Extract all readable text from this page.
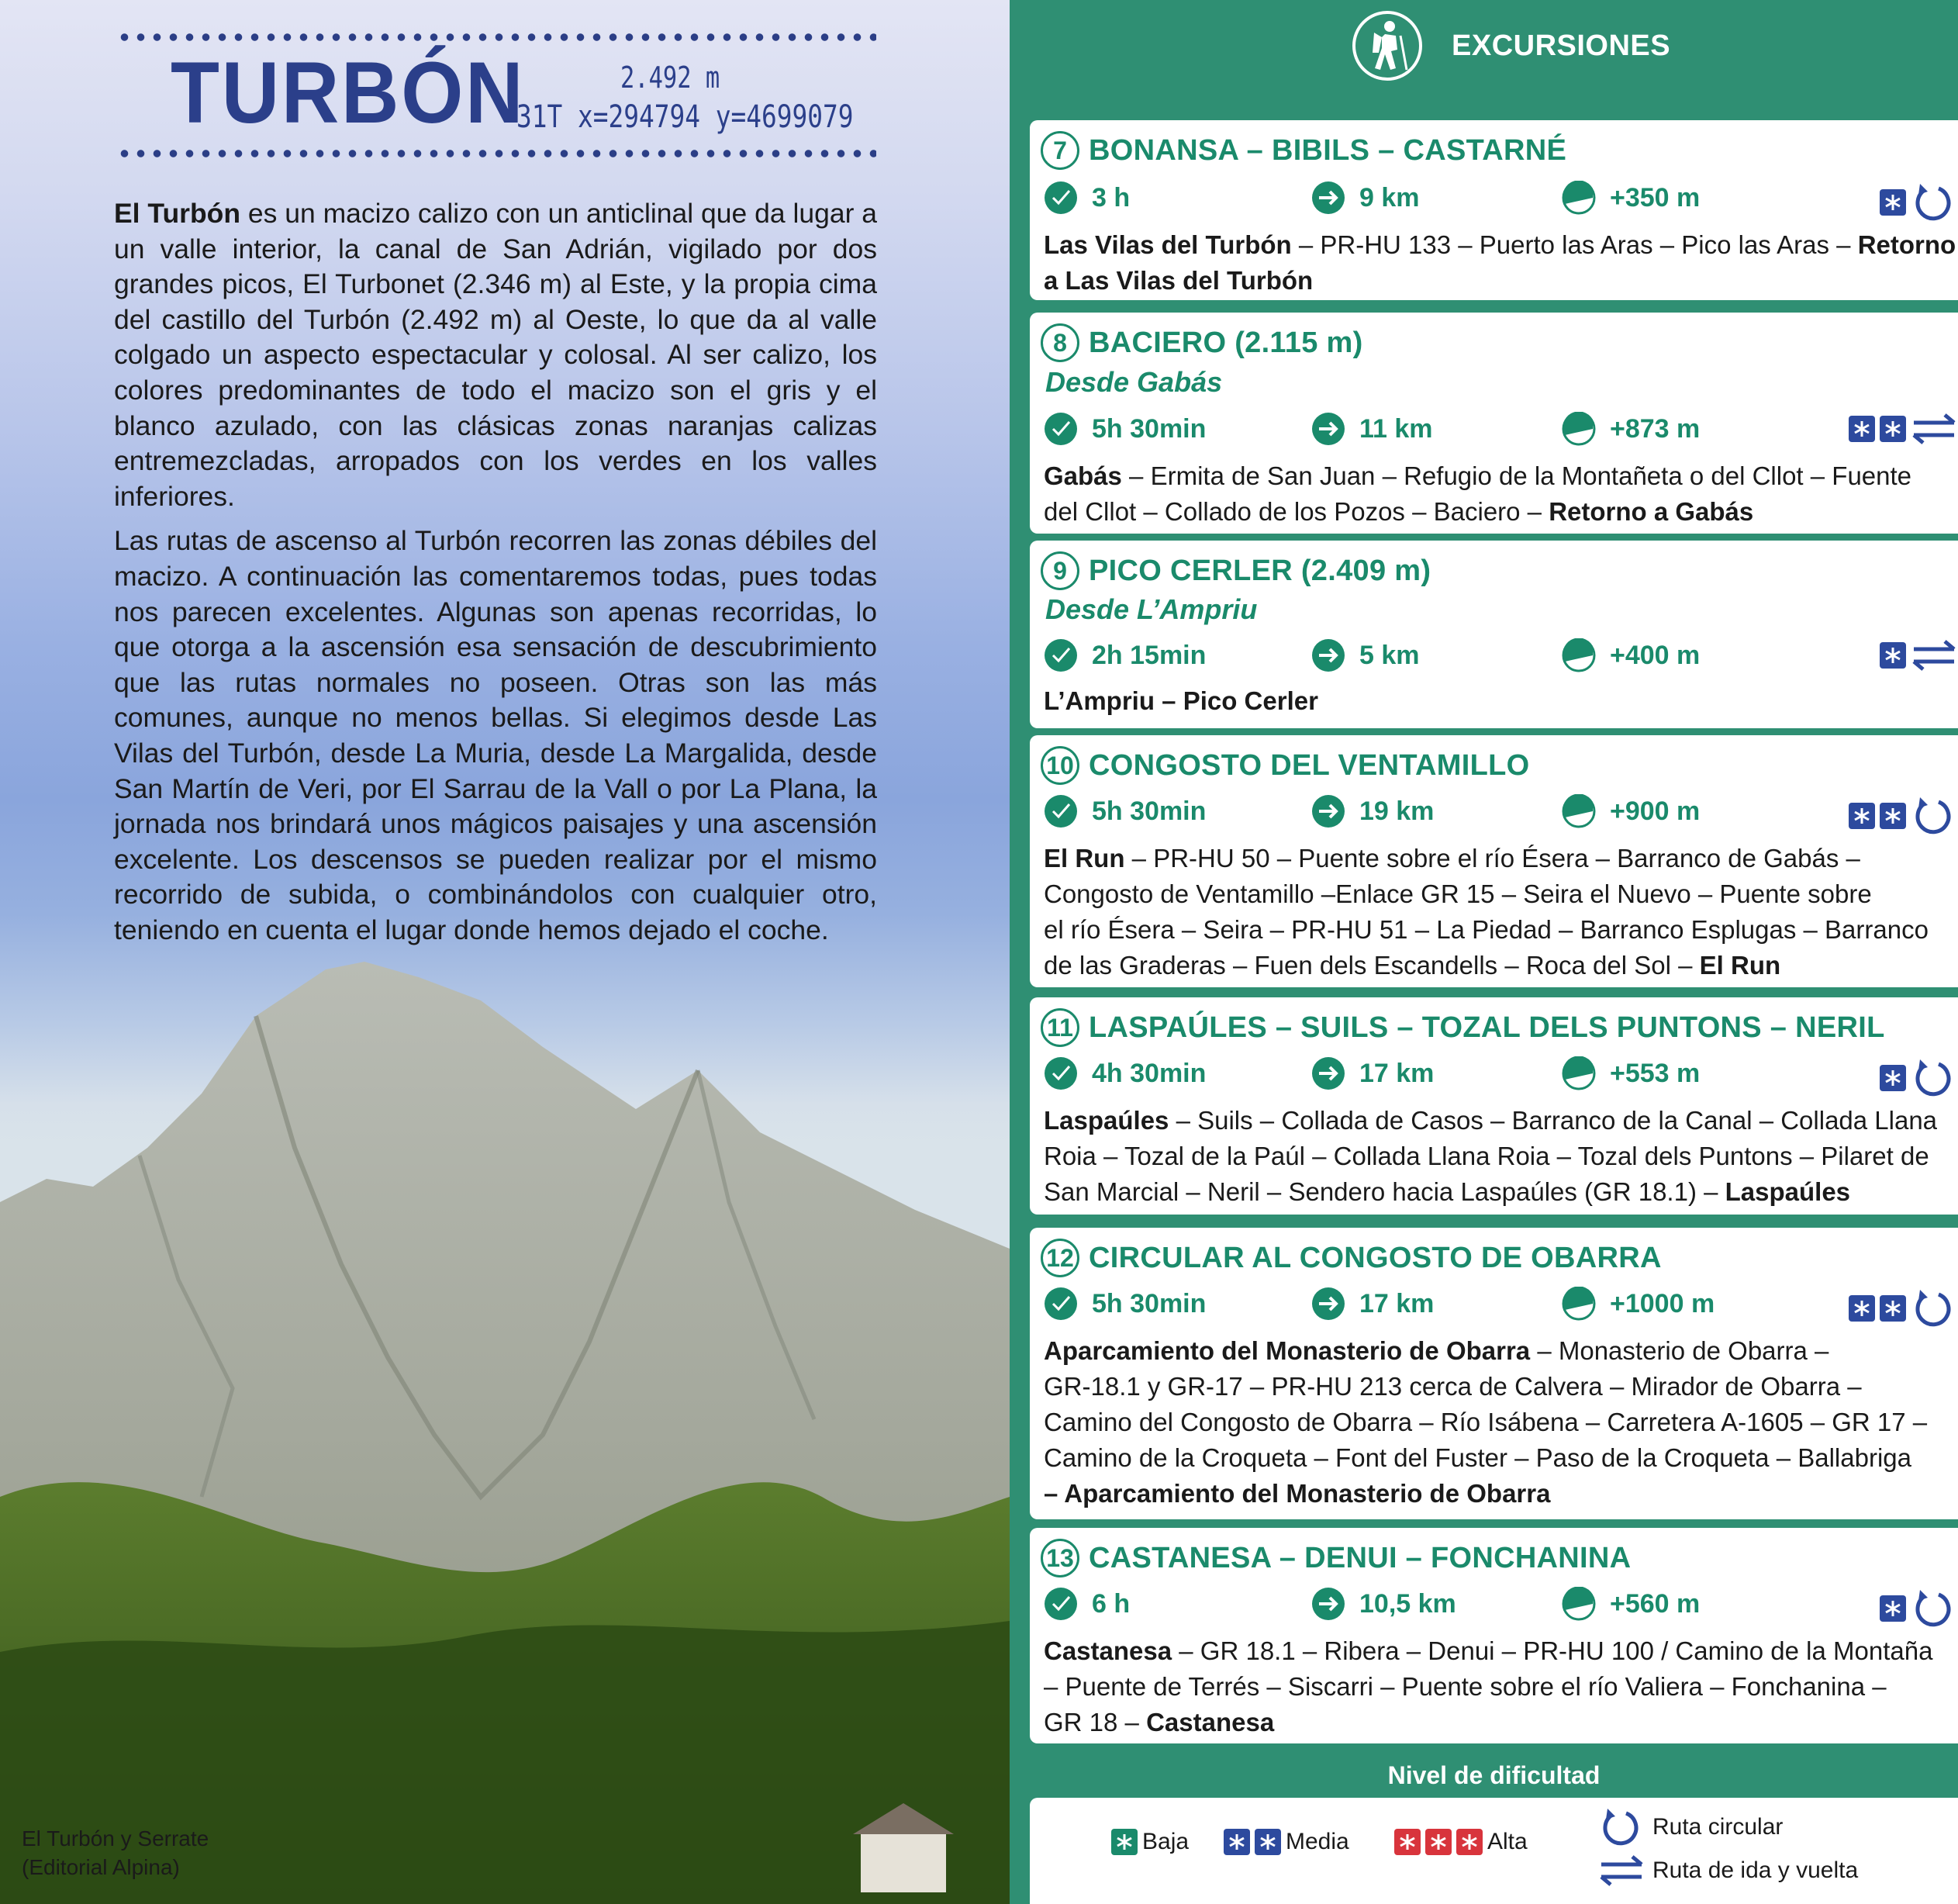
TURBÓN	2.492 m
31T x=294794 y=4699079

El Turbón es un macizo calizo con un anticlinal que da lugar a un valle interior, la canal de San Adrián, vigilado por dos grandes picos, El Turbonet (2.346 m) al Este, y la propia cima del castillo del Turbón (2.492 m) al Oeste, lo que da al valle colgado un aspecto espectacular y colosal. Al ser calizo, los colores predominantes de todo el macizo son el gris y el blanco azulado, con las clásicas zonas naranjas calizas entremezcladas, arropados con los verdes en los valles inferiores.

Las rutas de ascenso al Turbón recorren las zonas débiles del macizo. A continuación las comentaremos todas, pues todas nos parecen excelentes. Algunas son apenas recorridas, lo que otorga a la ascensión esa sensación de descubrimiento que las rutas normales no poseen. Otras son las más comunes, aunque no menos bellas. Si elegimos desde Las Vilas del Turbón, desde La Muria, desde La Margalida, desde San Martín de Veri, por El Sarrau de la Vall o por La Plana, la jornada nos brindará unos mágicos paisajes y una ascensión excelente. Los descensos se pueden realizar por el mismo recorrido de subida, o combinándolos con cualquier otro, teniendo en cuenta el lugar donde hemos dejado el coche.

El Turbón y Serrate
(Editorial Alpina)
EXCURSIONES
7 BONANSA – BIBILS – CASTARNÉ
3 h	9 km	+350 m
Las Vilas del Turbón – PR-HU 133 – Puerto las Aras – Pico las Aras – Retorno
a Las Vilas del Turbón
8 BACIERO (2.115 m)
Desde Gabás
5h 30min	11 km	+873 m
Gabás – Ermita de San Juan – Refugio de la Montañeta o del Cllot – Fuente
del Cllot – Collado de los Pozos – Baciero – Retorno a Gabás
9 PICO CERLER (2.409 m)
Desde L’Ampriu
2h 15min	5 km	+400 m
L’Ampriu – Pico Cerler
10 CONGOSTO DEL VENTAMILLO
5h 30min	19 km	+900 m
El Run – PR-HU 50 – Puente sobre el río Ésera – Barranco de Gabás –
Congosto de Ventamillo –Enlace GR 15 – Seira el Nuevo – Puente sobre
el río Ésera – Seira – PR-HU 51 – La Piedad – Barranco Esplugas – Barranco
de las Graderas – Fuen dels Escandells – Roca del Sol – El Run
11 LASPAÚLES – SUILS – TOZAL DELS PUNTONS – NERIL
4h 30min	17 km	+553 m
Laspaúles – Suils – Collada de Casos – Barranco de la Canal – Collada Llana
Roia – Tozal de la Paúl – Collada Llana Roia – Tozal dels Puntons – Pilaret de
San Marcial – Neril – Sendero hacia Laspaúles (GR 18.1) – Laspaúles
12 CIRCULAR AL CONGOSTO DE OBARRA
5h 30min	17 km	+1000 m
Aparcamiento del Monasterio de Obarra – Monasterio de Obarra –
GR-18.1 y GR-17 – PR-HU 213 cerca de Calvera – Mirador de Obarra –
Camino del Congosto de Obarra – Río Isábena – Carretera A-1605 – GR 17 –
Camino de la Croqueta – Font del Fuster – Paso de la Croqueta – Ballabriga
– Aparcamiento del Monasterio de Obarra
13 CASTANESA – DENUI – FONCHANINA
6 h	10,5 km	+560 m
Castanesa – GR 18.1 – Ribera – Denui – PR-HU 100 / Camino de la Montaña
– Puente de Terrés – Siscarri – Puente sobre el río Valiera – Fonchanina –
GR 18 – Castanesa
Nivel de dificultad
Baja	Media	Alta
Ruta circular
Ruta de ida y vuelta
